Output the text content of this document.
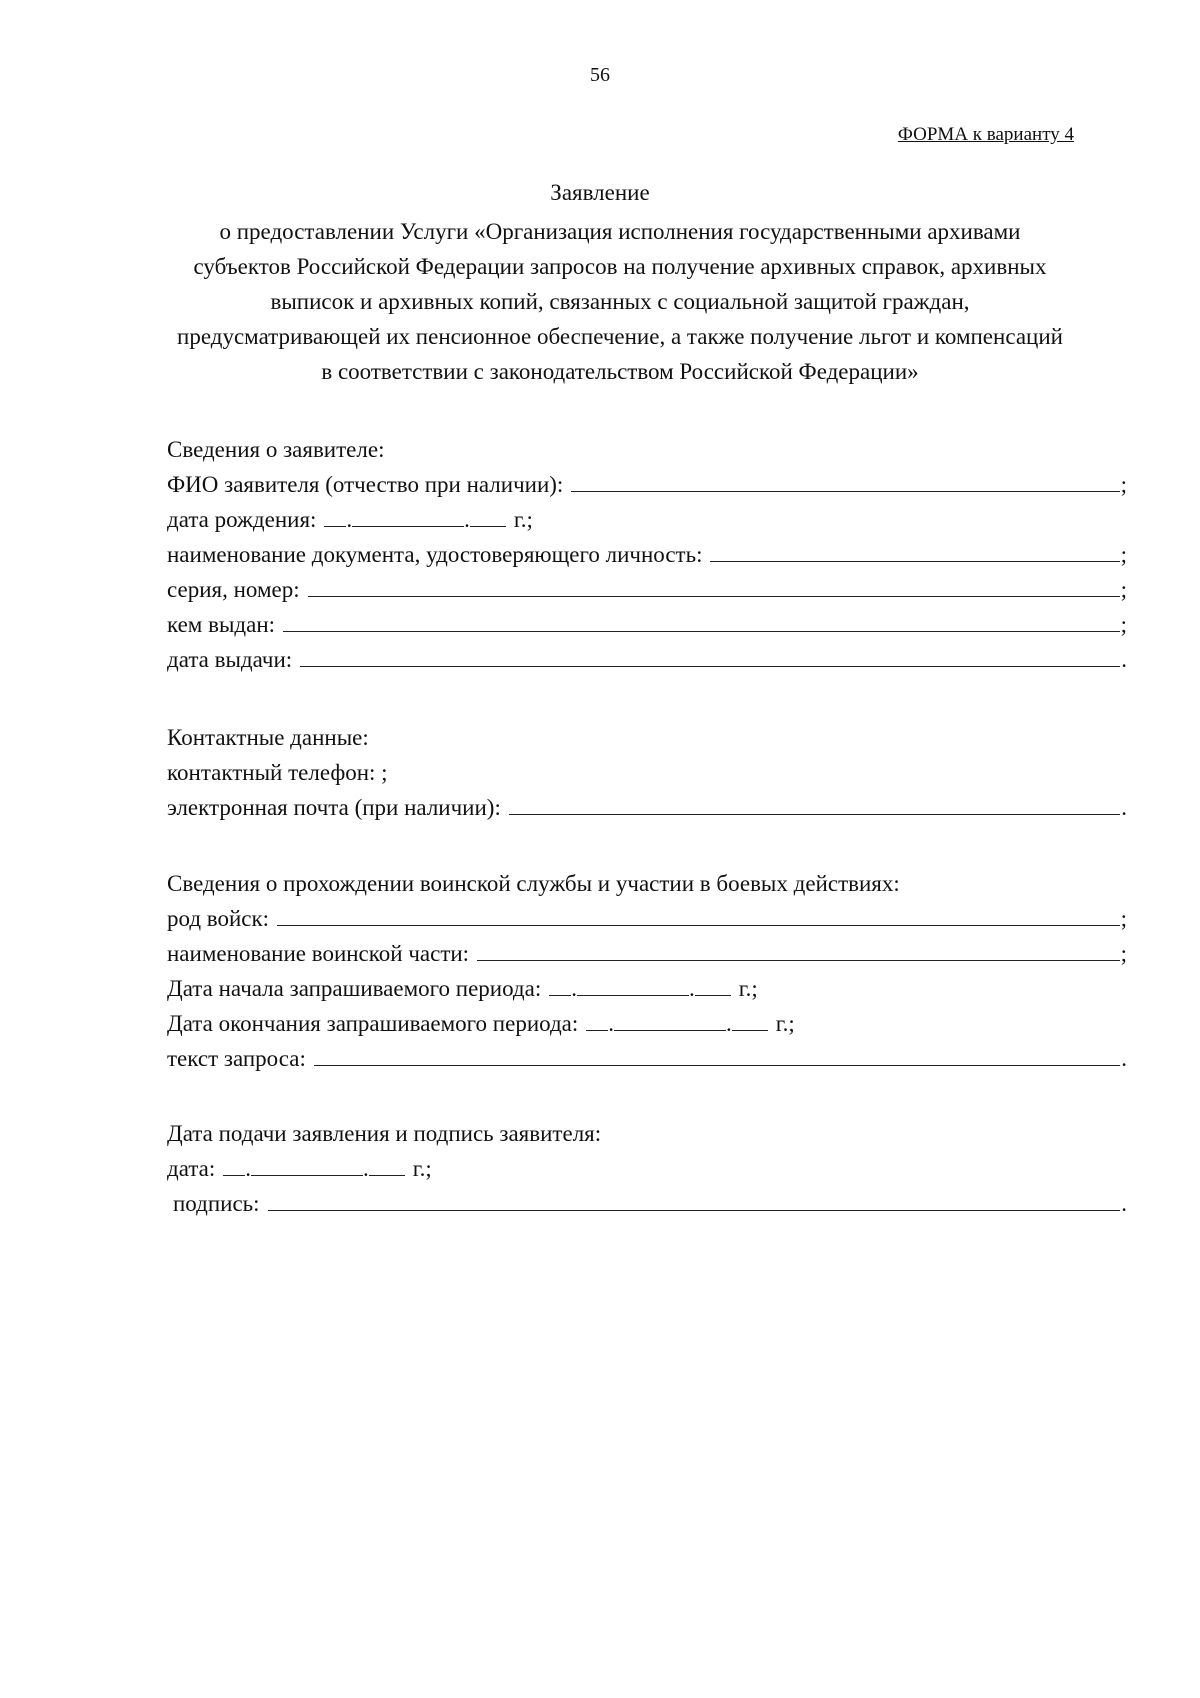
56
ФОРМА к варианту 4
Заявление
о предоставлении Услуги «Организация исполнения государственными архивами
субъектов Российской Федерации запросов на получение архивных справок, архивных
выписок и архивных копий, связанных с социальной защитой граждан,
предусматривающей их пенсионное обеспечение, а также получение льгот и компенсаций
в соответствии с законодательством Российской Федерации»
Сведения о заявителе:
ФИО заявителя (отчество при наличии):	;
дата рождения: .	. г.;
наименование документа, удостоверяющего личность:	;
серия, номер:	;
кем выдан:	;
дата выдачи:	.
Контактные данные:
контактный телефон: ;
электронная почта (при наличии):	.
Сведения о прохождении воинской службы и участии в боевых действиях:
род войск:	;
наименование воинской части:	;
Дата начала запрашиваемого периода: .	. г.;
Дата окончания запрашиваемого периода: .	. г.;
текст запроса:	.
Дата подачи заявления и подпись заявителя:
дата: .	. г.;
подпись:	.
